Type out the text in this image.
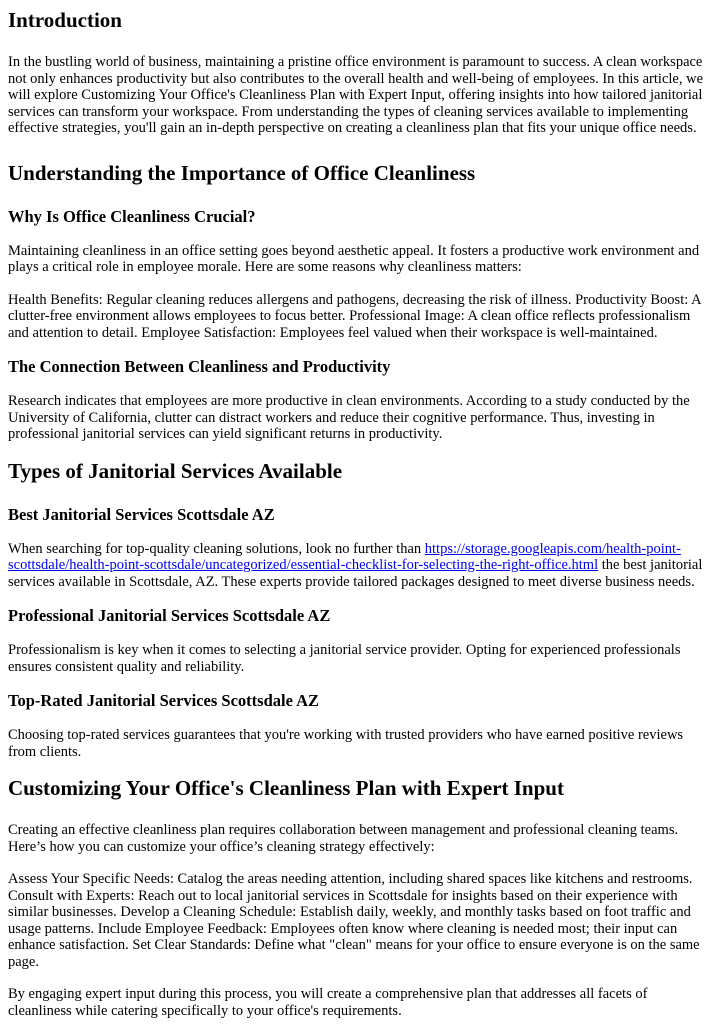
Introduction

In the bustling world of business, maintaining a pristine office environment is paramount to success. A clean workspace not only enhances productivity but also contributes to the overall health and well-being of employees. In this article, we will explore Customizing Your Office's Cleanliness Plan with Expert Input, offering insights into how tailored janitorial services can transform your workspace. From understanding the types of cleaning services available to implementing effective strategies, you'll gain an in-depth perspective on creating a cleanliness plan that fits your unique office needs.

Understanding the Importance of Office Cleanliness
Why Is Office Cleanliness Crucial?

Maintaining cleanliness in an office setting goes beyond aesthetic appeal. It fosters a productive work environment and plays a critical role in employee morale. Here are some reasons why cleanliness matters:

Health Benefits: Regular cleaning reduces allergens and pathogens, decreasing the risk of illness. Productivity Boost: A clutter-free environment allows employees to focus better. Professional Image: A clean office reflects professionalism and attention to detail. Employee Satisfaction: Employees feel valued when their workspace is well-maintained.

The Connection Between Cleanliness and Productivity

Research indicates that employees are more productive in clean environments. According to a study conducted by the University of California, clutter can distract workers and reduce their cognitive performance. Thus, investing in professional janitorial services can yield significant returns in productivity.

Types of Janitorial Services Available
Best Janitorial Services Scottsdale AZ

When searching for top-quality cleaning solutions, look no further than https://storage.googleapis.com/health-point-scottsdale/health-point-scottsdale/uncategorized/essential-checklist-for-selecting-the-right-office.html the best janitorial services available in Scottsdale, AZ. These experts provide tailored packages designed to meet diverse business needs.

Professional Janitorial Services Scottsdale AZ

Professionalism is key when it comes to selecting a janitorial service provider. Opting for experienced professionals ensures consistent quality and reliability.

Top-Rated Janitorial Services Scottsdale AZ

Choosing top-rated services guarantees that you're working with trusted providers who have earned positive reviews from clients.

Customizing Your Office's Cleanliness Plan with Expert Input

Creating an effective cleanliness plan requires collaboration between management and professional cleaning teams. Here’s how you can customize your office’s cleaning strategy effectively:

Assess Your Specific Needs: Catalog the areas needing attention, including shared spaces like kitchens and restrooms. Consult with Experts: Reach out to local janitorial services in Scottsdale for insights based on their experience with similar businesses. Develop a Cleaning Schedule: Establish daily, weekly, and monthly tasks based on foot traffic and usage patterns. Include Employee Feedback: Employees often know where cleaning is needed most; their input can enhance satisfaction. Set Clear Standards: Define what "clean" means for your office to ensure everyone is on the same page.

By engaging expert input during this process, you will create a comprehensive plan that addresses all facets of cleanliness while catering specifically to your office's requirements.
